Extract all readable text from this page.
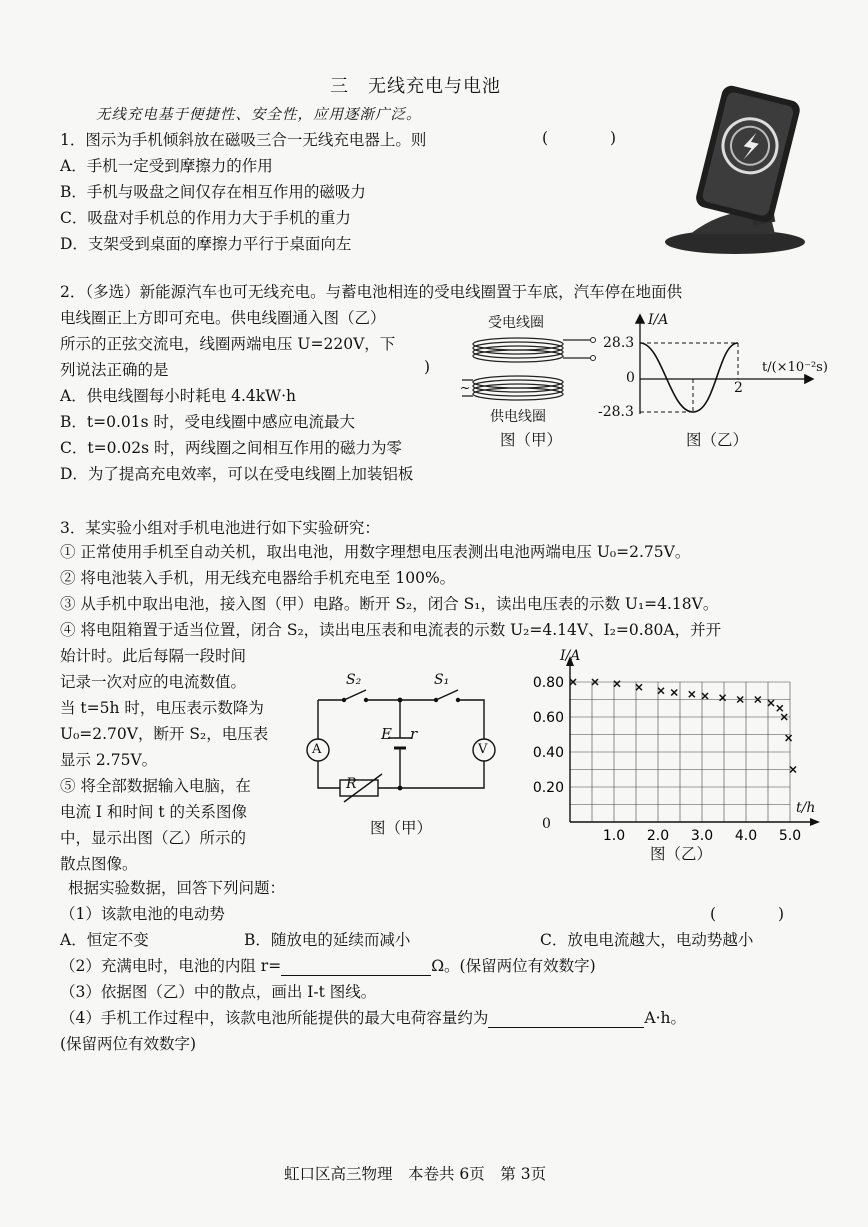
三　无线充电与电池
无线充电基于便捷性、安全性，应用逐渐广泛。
1．图示为手机倾斜放在磁吸三合一无线充电器上。则	(　　　　)
A．手机一定受到摩擦力的作用
B．手机与吸盘之间仅存在相互作用的磁吸力
C．吸盘对手机总的作用力大于手机的重力
D．支架受到桌面的摩擦力平行于桌面向左
2．（多选）新能源汽车也可无线充电。与蓄电池相连的受电线圈置于车底，汽车停在地面供
电线圈正上方即可充电。供电线圈通入图（乙）
所示的正弦交流电，线圈两端电压 U=220V，下
列说法正确的是	)
A．供电线圈每小时耗电 4.4kW·h
B．t=0.01s 时，受电线圈中感应电流最大
C．t=0.02s 时，两线圈之间相互作用的磁力为零
D．为了提高充电效率，可以在受电线圈上加装铝板
受电线圈
~
供电线圈
图（甲）
I/A
t/(×10⁻²s)
28.3
0
-28.3
2
图（乙）
3．某实验小组对手机电池进行如下实验研究：
① 正常使用手机至自动关机，取出电池，用数字理想电压表测出电池两端电压 U₀=2.75V。
② 将电池装入手机，用无线充电器给手机充电至 100%。
③ 从手机中取出电池，接入图（甲）电路。断开 S₂，闭合 S₁，读出电压表的示数 U₁=4.18V。
④ 将电阻箱置于适当位置，闭合 S₂，读出电压表和电流表的示数 U₂=4.14V、I₂=0.80A，并开
始计时。此后每隔一段时间
记录一次对应的电流数值。
当 t=5h 时，电压表示数降为
U₀=2.70V，断开 S₂，电压表
显示 2.75V。
⑤ 将全部数据输入电脑，在
电流 I 和时间 t 的关系图像
中，显示出图（乙）所示的
散点图像。
S₂	S₁
E r
A	V
R
图（甲）
0.80
0.60
0.40
0.20
1.0 2.0 3.0 4.0 5.0
I/A
t/h
0
图（乙）
根据实验数据，回答下列问题：
（1）该款电池的电动势	(　　　　)
A．恒定不变	B．随放电的延续而减小	C．放电电流越大，电动势越小
（2）充满电时，电池的内阻 r=	Ω。(保留两位有效数字)
（3）依据图（乙）中的散点，画出 I-t 图线。
（4）手机工作过程中，该款电池所能提供的最大电荷容量约为	A·h。
(保留两位有效数字)
虹口区高三物理　本卷共 6页　第 3页
